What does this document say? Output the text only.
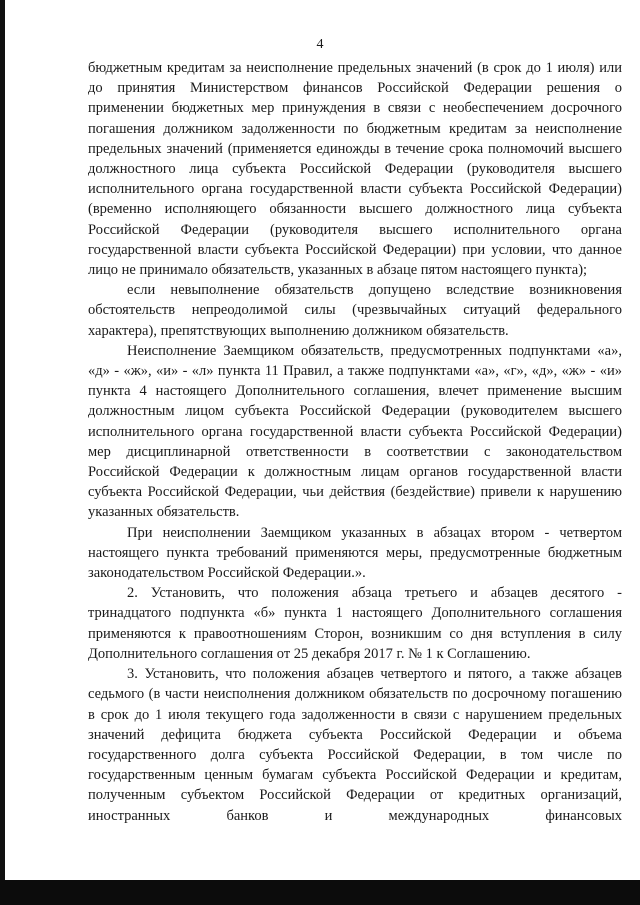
4

бюджетным кредитам за неисполнение предельных значений (в срок до 1 июля) или до принятия Министерством финансов Российской Федерации решения о применении бюджетных мер принуждения в связи с необеспечением досрочного погашения должником задолженности по бюджетным кредитам за неисполнение предельных значений (применяется единожды в течение срока полномочий высшего должностного лица субъекта Российской Федерации (руководителя высшего исполнительного органа государственной власти субъекта Российской Федерации) (временно исполняющего обязанности высшего должностного лица субъекта Российской Федерации (руководителя высшего исполнительного органа государственной власти субъекта Российской Федерации) при условии, что данное лицо не принимало обязательств, указанных в абзаце пятом настоящего пункта);

если невыполнение обязательств допущено вследствие возникновения обстоятельств непреодолимой силы (чрезвычайных ситуаций федерального характера), препятствующих выполнению должником обязательств.

Неисполнение Заемщиком обязательств, предусмотренных подпунктами «а», «д» - «ж», «и» - «л» пункта 11 Правил, а также подпунктами «а», «г», «д», «ж» - «и» пункта 4 настоящего Дополнительного соглашения, влечет применение высшим должностным лицом субъекта Российской Федерации (руководителем высшего исполнительного органа государственной власти субъекта Российской Федерации) мер дисциплинарной ответственности в соответствии с законодательством Российской Федерации к должностным лицам органов государственной власти субъекта Российской Федерации, чьи действия (бездействие) привели к нарушению указанных обязательств.

При неисполнении Заемщиком указанных в абзацах втором - четвертом настоящего пункта требований применяются меры, предусмотренные бюджетным законодательством Российской Федерации.».

2. Установить, что положения абзаца третьего и абзацев десятого - тринадцатого подпункта «б» пункта 1 настоящего Дополнительного соглашения применяются к правоотношениям Сторон, возникшим со дня вступления в силу Дополнительного соглашения от 25 декабря 2017 г. № 1 к Соглашению.

3. Установить, что положения абзацев четвертого и пятого, а также абзацев седьмого (в части неисполнения должником обязательств по досрочному погашению в срок до 1 июля текущего года задолженности в связи с нарушением предельных значений дефицита бюджета субъекта Российской Федерации и объема государственного долга субъекта Российской Федерации, в том числе по государственным ценным бумагам субъекта Российской Федерации и кредитам, полученным субъектом Российской Федерации от кредитных организаций, иностранных банков и международных финансовых
